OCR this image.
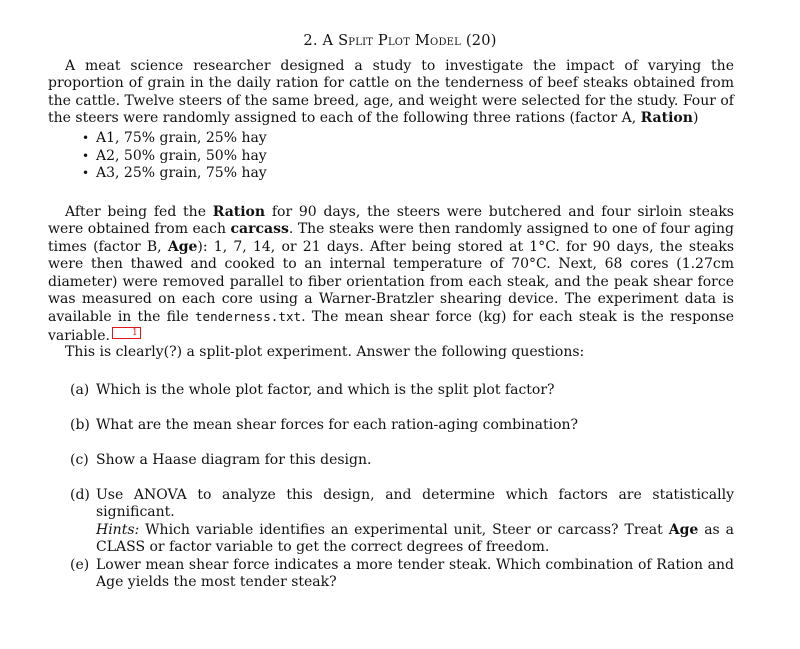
2. A Split Plot Model (20)

A meat science researcher designed a study to investigate the impact of varying the proportion of grain in the daily ration for cattle on the tenderness of beef steaks obtained from the cattle. Twelve steers of the same breed, age, and weight were selected for the study. Four of the steers were randomly assigned to each of the following three rations (factor A, Ration)

• A1, 75% grain, 25% hay
• A2, 50% grain, 50% hay
• A3, 25% grain, 75% hay

After being fed the Ration for 90 days, the steers were butchered and four sirloin steaks were obtained from each carcass. The steaks were then randomly assigned to one of four aging times (factor B, Age): 1, 7, 14, or 21 days. After being stored at 1°C. for 90 days, the steaks were then thawed and cooked to an internal temperature of 70°C. Next, 68 cores (1.27cm diameter) were removed parallel to fiber orientation from each steak, and the peak shear force was measured on each core using a Warner-Bratzler shearing device. The experiment data is available in the file tenderness.txt. The mean shear force (kg) for each steak is the response variable. 1

This is clearly(?) a split-plot experiment. Answer the following questions:

(a) Which is the whole plot factor, and which is the split plot factor?

(b) What are the mean shear forces for each ration-aging combination?

(c) Show a Haase diagram for this design.

(d) Use ANOVA to analyze this design, and determine which factors are statistically significant.
Hints: Which variable identifies an experimental unit, Steer or carcass? Treat Age as a CLASS or factor variable to get the correct degrees of freedom.

(e) Lower mean shear force indicates a more tender steak. Which combination of Ration and Age yields the most tender steak?
